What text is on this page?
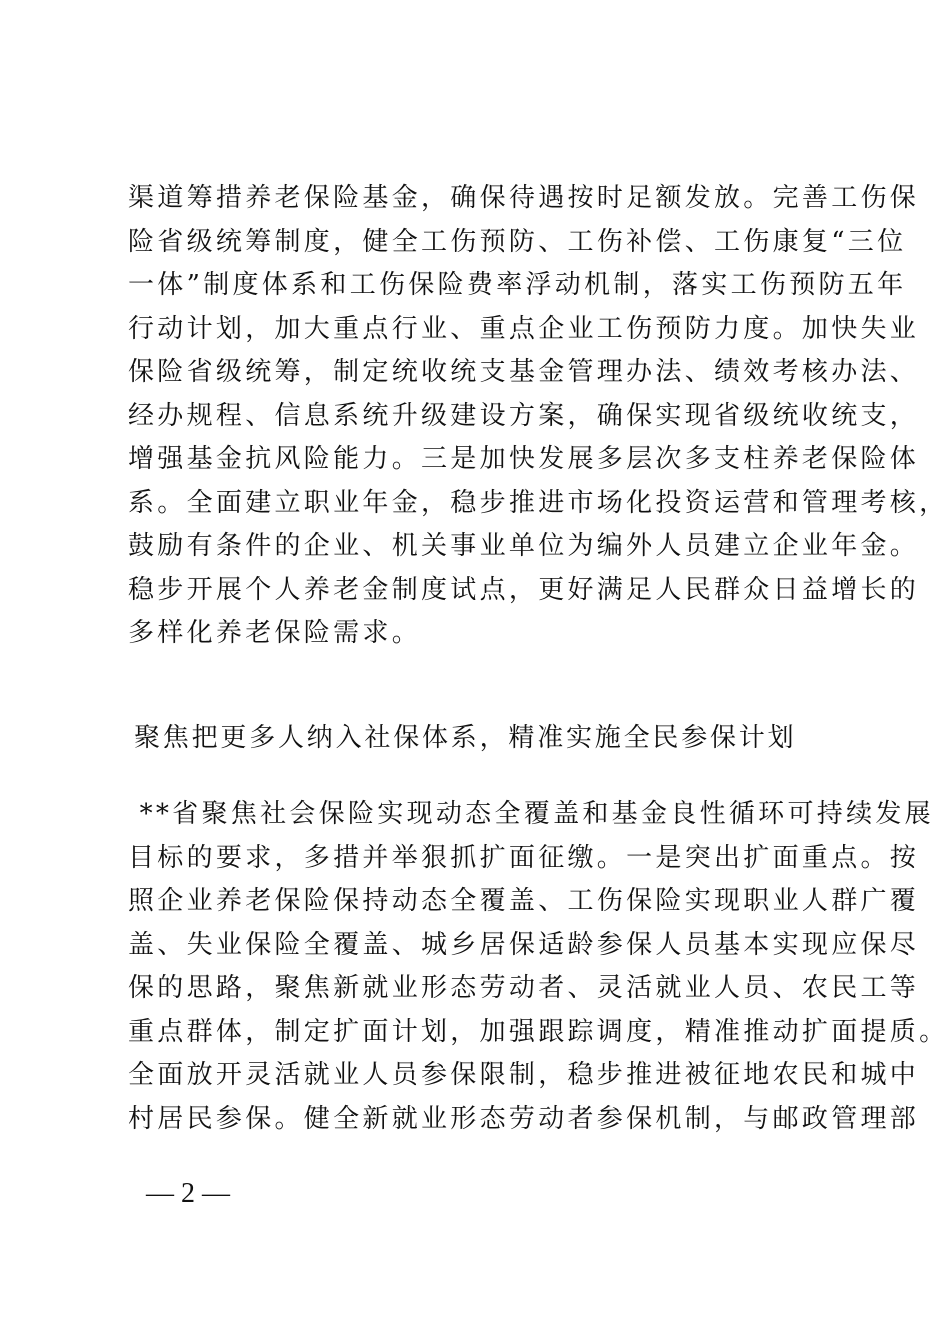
渠道筹措养老保险基金，确保待遇按时足额发放。完善工伤保
险省级统筹制度，健全工伤预防、工伤补偿、工伤康复“三位
一体”制度体系和工伤保险费率浮动机制，落实工伤预防五年
行动计划，加大重点行业、重点企业工伤预防力度。加快失业
保险省级统筹，制定统收统支基金管理办法、绩效考核办法、
经办规程、信息系统升级建设方案，确保实现省级统收统支，
增强基金抗风险能力。三是加快发展多层次多支柱养老保险体
系。全面建立职业年金，稳步推进市场化投资运营和管理考核，
鼓励有条件的企业、机关事业单位为编外人员建立企业年金。
稳步开展个人养老金制度试点，更好满足人民群众日益增长的
多样化养老保险需求。
聚焦把更多人纳入社保体系，精准实施全民参保计划
**省聚焦社会保险实现动态全覆盖和基金良性循环可持续发展
目标的要求，多措并举狠抓扩面征缴。一是突出扩面重点。按
照企业养老保险保持动态全覆盖、工伤保险实现职业人群广覆
盖、失业保险全覆盖、城乡居保适龄参保人员基本实现应保尽
保的思路，聚焦新就业形态劳动者、灵活就业人员、农民工等
重点群体，制定扩面计划，加强跟踪调度，精准推动扩面提质。
全面放开灵活就业人员参保限制，稳步推进被征地农民和城中
村居民参保。健全新就业形态劳动者参保机制，与邮政管理部
— 2 —
